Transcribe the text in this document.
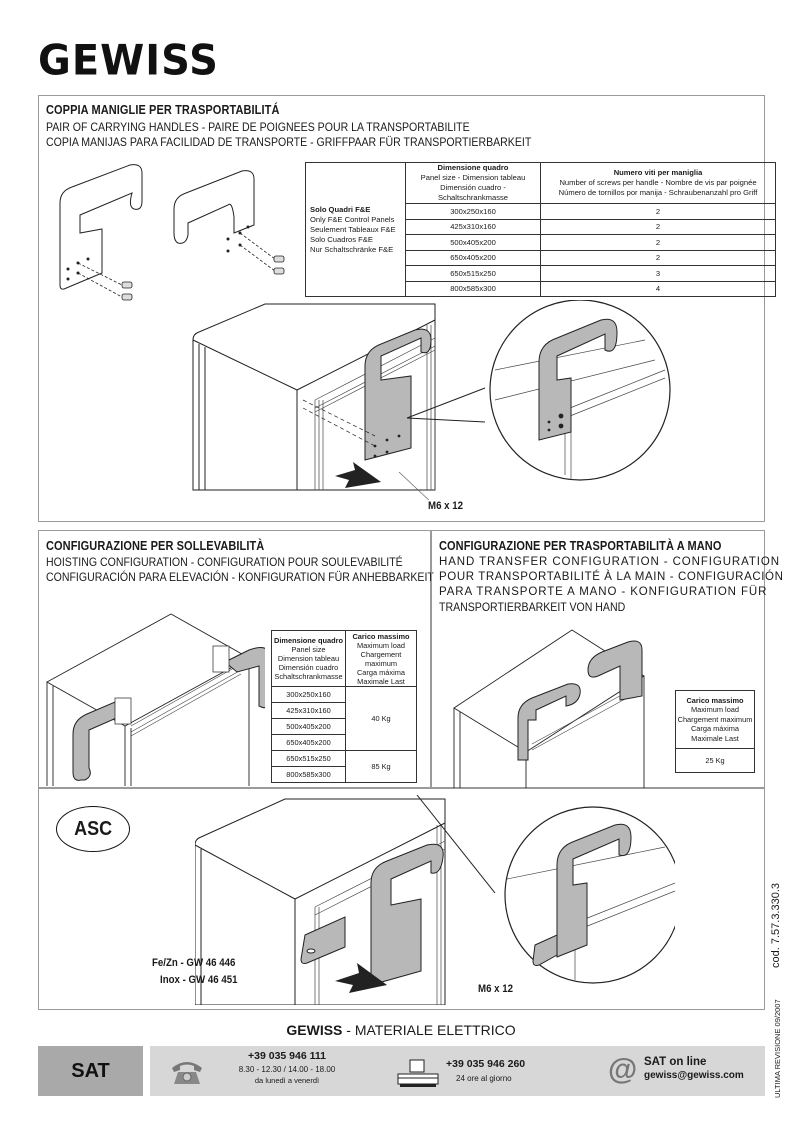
GEWISS
COPPIA MANIGLIE PER TRASPORTABILITÁ
PAIR OF CARRYING HANDLES - PAIRE DE POIGNEES POUR LA TRANSPORTABILITE
COPIA MANIJAS PARA FACILIDAD DE TRANSPORTE - GRIFFPAAR FÜR TRANSPORTIERBARKEIT
Solo Quadri F&E
Only F&E Control Panels
Seulement Tableaux F&E
Solo Cuadros F&E
Nur Schaltschränke F&E

Dimensione quadro
Panel size - Dimension tableau
Dimensión cuadro - Schaltschrankmasse

Numero viti per maniglia
Number of screws per handle - Nombre de vis par poignée
Número de tornillos por manija - Schraubenanzahl pro Griff

	300x250x160	2
	425x310x160	2
	500x405x200	2
	650x405x200	2
	650x515x250	3
	800x585x300	4
M6 x 12
CONFIGURAZIONE PER SOLLEVABILITÀ
HOISTING CONFIGURATION - CONFIGURATION POUR SOULEVABILITÉ
CONFIGURACIÓN PARA ELEVACIÓN - KONFIGURATION FÜR ANHEBBARKEIT
Dimensione quadro
Panel size
Dimension tableau
Dimensión cuadro
Schaltschrankmasse

Carico massimo
Maximum load
Chargement maximum
Carga máxima
Maximale Last

300x250x160	40 Kg
425x310x160	
500x405x200	
650x405x200	
650x515x250	85 Kg
800x585x300	
CONFIGURAZIONE PER TRASPORTABILITÀ A MANO
HAND TRANSFER CONFIGURATION - CONFIGURATION
POUR TRANSPORTABILITÉ À LA MAIN - CONFIGURACIÓN
PARA TRANSPORTE A MANO - KONFIGURATION FÜR
TRANSPORTIERBARKEIT VON HAND
Carico massimo
Maximum load
Chargement maximum
Carga máxima
Maximale Last

25 Kg
ASC
Fe/Zn - GW 46 446
Inox - GW 46 451
M6 x 12
cod. 7.57.3.330.3
ULTIMA REVISIONE 09/2007
GEWISS - MATERIALE ELETTRICO
SAT
+39 035 946 111
8.30 - 12.30 / 14.00 - 18.00
da lunedì a venerdì
+39 035 946 260
24 ore al giorno	@ SAT on line
gewiss@gewiss.com
